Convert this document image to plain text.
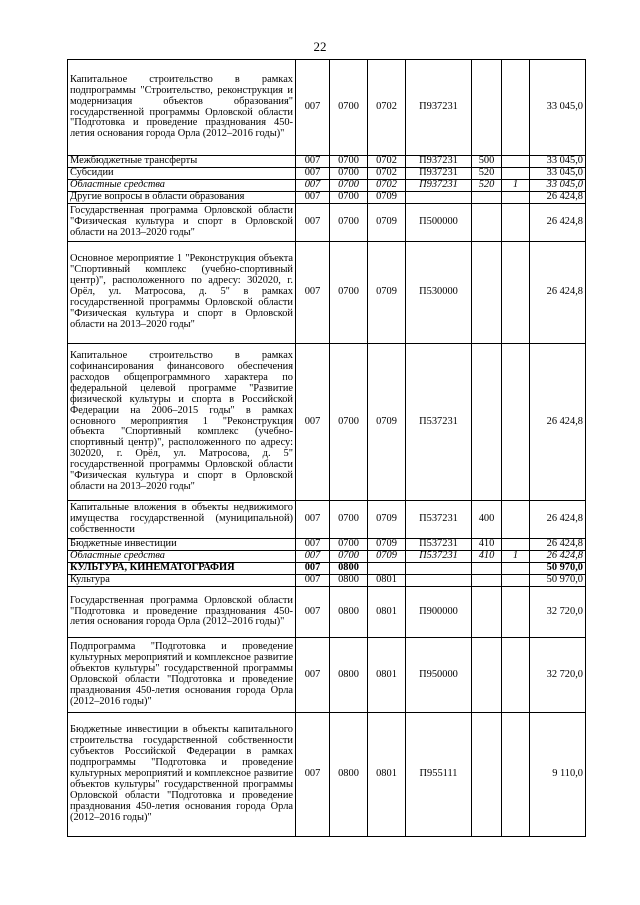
22
Капитальное строительство в рамках подпрограммы "Строительство, реконструкция и модернизация объектов образования" государственной программы Орловской области "Подготовка и проведение празднования 450-летия основания города Орла (2012–2016 годы)"	007	0700	0702	П937231			33 045,0
Межбюджетные трансферты	007	0700	0702	П937231	500		33 045,0
Субсидии	007	0700	0702	П937231	520		33 045,0
Областные средства	007	0700	0702	П937231	520	1	33 045,0
Другие вопросы в области образования	007	0700	0709				26 424,8
Государственная программа Орловской области "Физическая культура и спорт в Орловской области на 2013–2020 годы"	007	0700	0709	П500000			26 424,8
Основное мероприятие 1 "Реконструкция объекта "Спортивный комплекс (учебно-спортивный центр)", расположенного по адресу: 302020, г. Орёл, ул. Матросова, д. 5" в рамках государственной программы Орловской области "Физическая культура и спорт в Орловской области на 2013–2020 годы"	007	0700	0709	П530000			26 424,8
Капитальное строительство в рамках софинансирования финансового обеспечения расходов общепрограммного характера по федеральной целевой программе "Развитие физической культуры и спорта в Российской Федерации на 2006–2015 годы" в рамках основного мероприятия 1 "Реконструкция объекта "Спортивный комплекс (учебно-спортивный центр)", расположенного по адресу: 302020, г. Орёл, ул. Матросова, д. 5" государственной программы Орловской области "Физическая культура и спорт в Орловской области на 2013–2020 годы"	007	0700	0709	П537231			26 424,8
Капитальные вложения в объекты недвижимого имущества государственной (муниципальной) собственности	007	0700	0709	П537231	400		26 424,8
Бюджетные инвестиции	007	0700	0709	П537231	410		26 424,8
Областные средства	007	0700	0709	П537231	410	1	26 424,8
КУЛЬТУРА, КИНЕМАТОГРАФИЯ	007	0800					50 970,0
Культура	007	0800	0801				50 970,0
Государственная программа Орловской области "Подготовка и проведение празднования 450-летия основания города Орла (2012–2016 годы)"	007	0800	0801	П900000			32 720,0
Подпрограмма "Подготовка и проведение культурных мероприятий и комплексное развитие объектов культуры" государственной программы Орловской области "Подготовка и проведение празднования 450-летия основания города Орла (2012–2016 годы)"	007	0800	0801	П950000			32 720,0
Бюджетные инвестиции в объекты капитального строительства государственной собственности субъектов Российской Федерации в рамках подпрограммы "Подготовка и проведение культурных мероприятий и комплексное развитие объектов культуры" государственной программы Орловской области "Подготовка и проведение празднования 450-летия основания города Орла (2012–2016 годы)"	007	0800	0801	П955111			9 110,0
